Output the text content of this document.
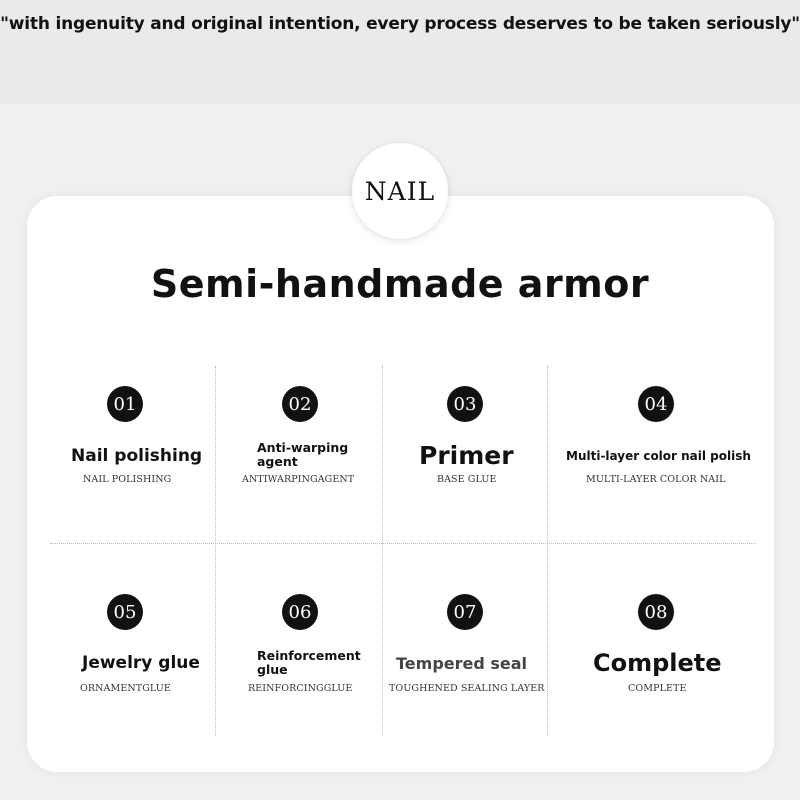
"with ingenuity and original intention, every process deserves to be taken seriously"
NAIL
Semi-handmade armor
01
Nail polishing
NAIL POLISHING
02
Anti-warping agent
ANTIWARPINGAGENT
03
Primer
BASE GLUE
04
Multi-layer color nail polish
MULTI-LAYER COLOR NAIL
05
Jewelry glue
ORNAMENTGLUE
06
Reinforcement glue
REINFORCINGGLUE
07
Tempered seal
TOUGHENED SEALING LAYER
08
Complete
COMPLETE
